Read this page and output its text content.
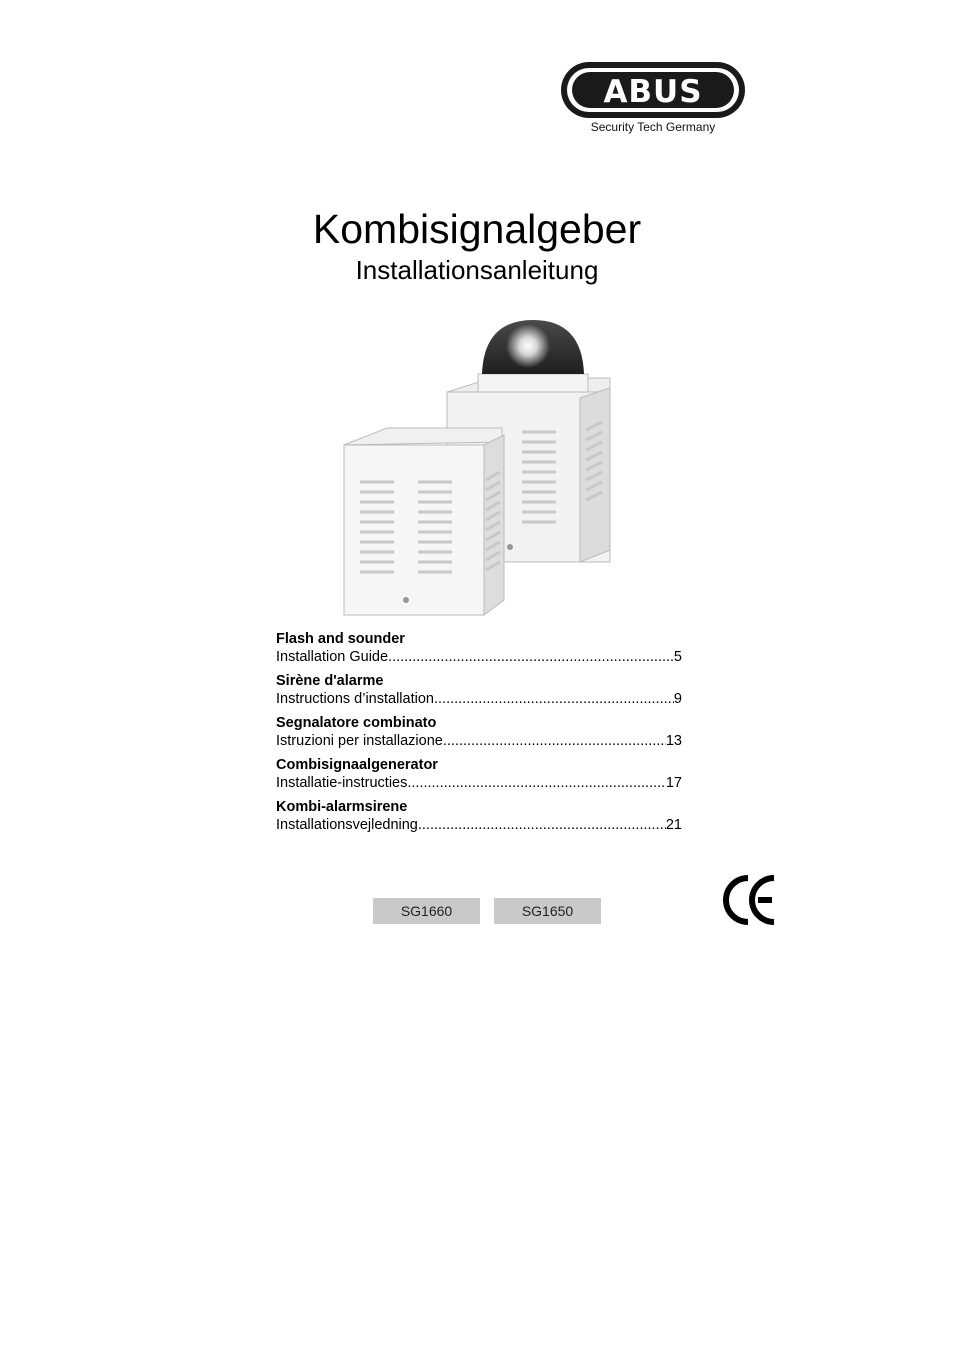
ABUS
Security Tech Germany
Kombisignalgeber
Installationsanleitung
Flash and sounder
Installation Guide .....	5
Sirène d'alarme
Instructions d’installation .....	9
Segnalatore combinato
Istruzioni per installazione .....	13
Combisignaalgenerator
Installatie-instructies .....	17
Kombi-alarmsirene
Installationsvejledning .....	21
SG1660	SG1650
